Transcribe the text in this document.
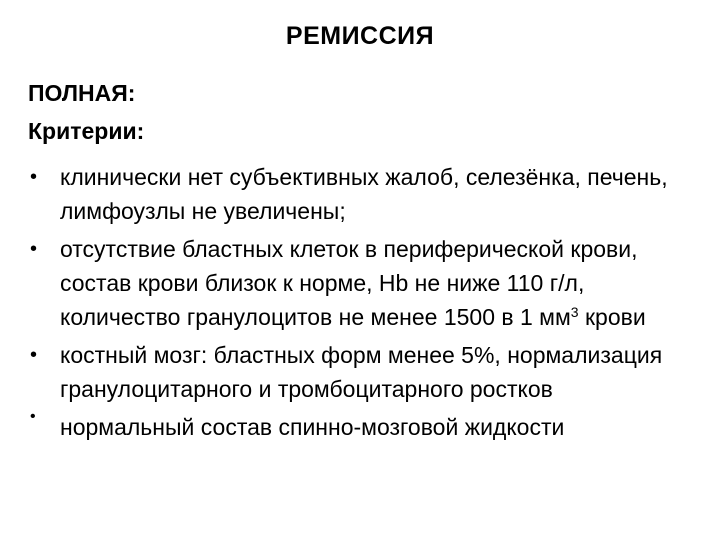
РЕМИССИЯ
ПОЛНАЯ:
Критерии:
• клинически нет субъективных жалоб, селезёнка, печень, лимфоузлы не увеличены;
• отсутствие бластных клеток в периферической крови, состав крови близок к норме, Hb не ниже 110 г/л, количество гранулоцитов не менее 1500 в 1 $мм^3$ крови
• костный мозг: бластных форм менее 5%, нормализация гранулоцитарного и тромбоцитарного ростков
• нормальный состав спинно-мозговой жидкости
